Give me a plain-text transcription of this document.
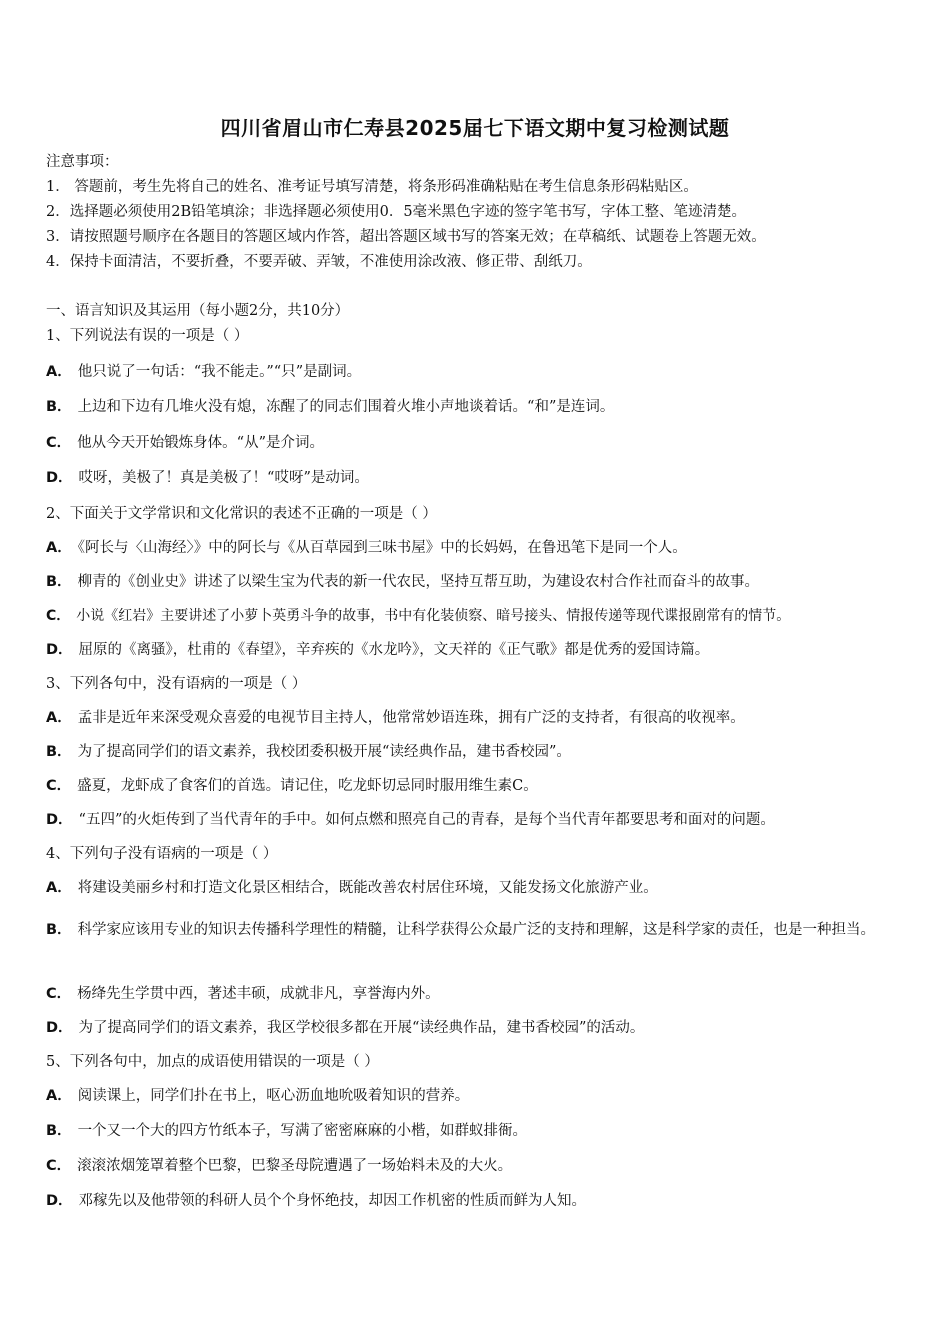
四川省眉山市仁寿县2025届七下语文期中复习检测试题
注意事项：
1． 答题前，考生先将自己的姓名、准考证号填写清楚，将条形码准确粘贴在考生信息条形码粘贴区。
2．选择题必须使用2B铅笔填涂；非选择题必须使用0．5毫米黑色字迹的签字笔书写，字体工整、笔迹清楚。
3．请按照题号顺序在各题目的答题区域内作答，超出答题区域书写的答案无效；在草稿纸、试题卷上答题无效。
4．保持卡面清洁，不要折叠，不要弄破、弄皱，不准使用涂改液、修正带、刮纸刀。
一、语言知识及其运用（每小题2分，共10分）
1、下列说法有误的一项是（ ）
A． 他只说了一句话：“我不能走。”“只”是副词。
B． 上边和下边有几堆火没有熄，冻醒了的同志们围着火堆小声地谈着话。“和”是连词。
C． 他从今天开始锻炼身体。“从”是介词。
D． 哎呀，美极了！真是美极了！“哎呀”是动词。
2、下面关于文学常识和文化常识的表述不正确的一项是（ ）
A． 《阿长与〈山海经〉》中的阿长与《从百草园到三味书屋》中的长妈妈，在鲁迅笔下是同一个人。
B． 柳青的《创业史》讲述了以梁生宝为代表的新一代农民，坚持互帮互助，为建设农村合作社而奋斗的故事。
C． 小说《红岩》主要讲述了小萝卜英勇斗争的故事，书中有化装侦察、暗号接头、情报传递等现代谍报剧常有的情节。
D． 屈原的《离骚》，杜甫的《春望》，辛弃疾的《水龙吟》，文天祥的《正气歌》都是优秀的爱国诗篇。
3、下列各句中，没有语病的一项是（ ）
A． 孟非是近年来深受观众喜爱的电视节目主持人，他常常妙语连珠，拥有广泛的支持者，有很高的收视率。
B． 为了提高同学们的语文素养，我校团委积极开展“读经典作品，建书香校园”。
C． 盛夏，龙虾成了食客们的首选。请记住，吃龙虾切忌同时服用维生素C。
D． “五四”的火炬传到了当代青年的手中。如何点燃和照亮自己的青春，是每个当代青年都要思考和面对的问题。
4、下列句子没有语病的一项是（ ）
A． 将建设美丽乡村和打造文化景区相结合，既能改善农村居住环境，又能发扬文化旅游产业。
B． 科学家应该用专业的知识去传播科学理性的精髓，让科学获得公众最广泛的支持和理解，这是科学家的责任，也是一种担当。
C． 杨绛先生学贯中西，著述丰硕，成就非凡，享誉海内外。
D． 为了提高同学们的语文素养，我区学校很多都在开展“读经典作品，建书香校园”的活动。
5、下列各句中，加点的成语使用错误的一项是（ ）
A． 阅读课上，同学们扑在书上，呕心沥血地吮吸着知识的营养。
B． 一个又一个大的四方竹纸本子，写满了密密麻麻的小楷，如群蚁排衙。
C． 滚滚浓烟笼罩着整个巴黎，巴黎圣母院遭遇了一场始料未及的大火。
D． 邓稼先以及他带领的科研人员个个身怀绝技，却因工作机密的性质而鲜为人知。
